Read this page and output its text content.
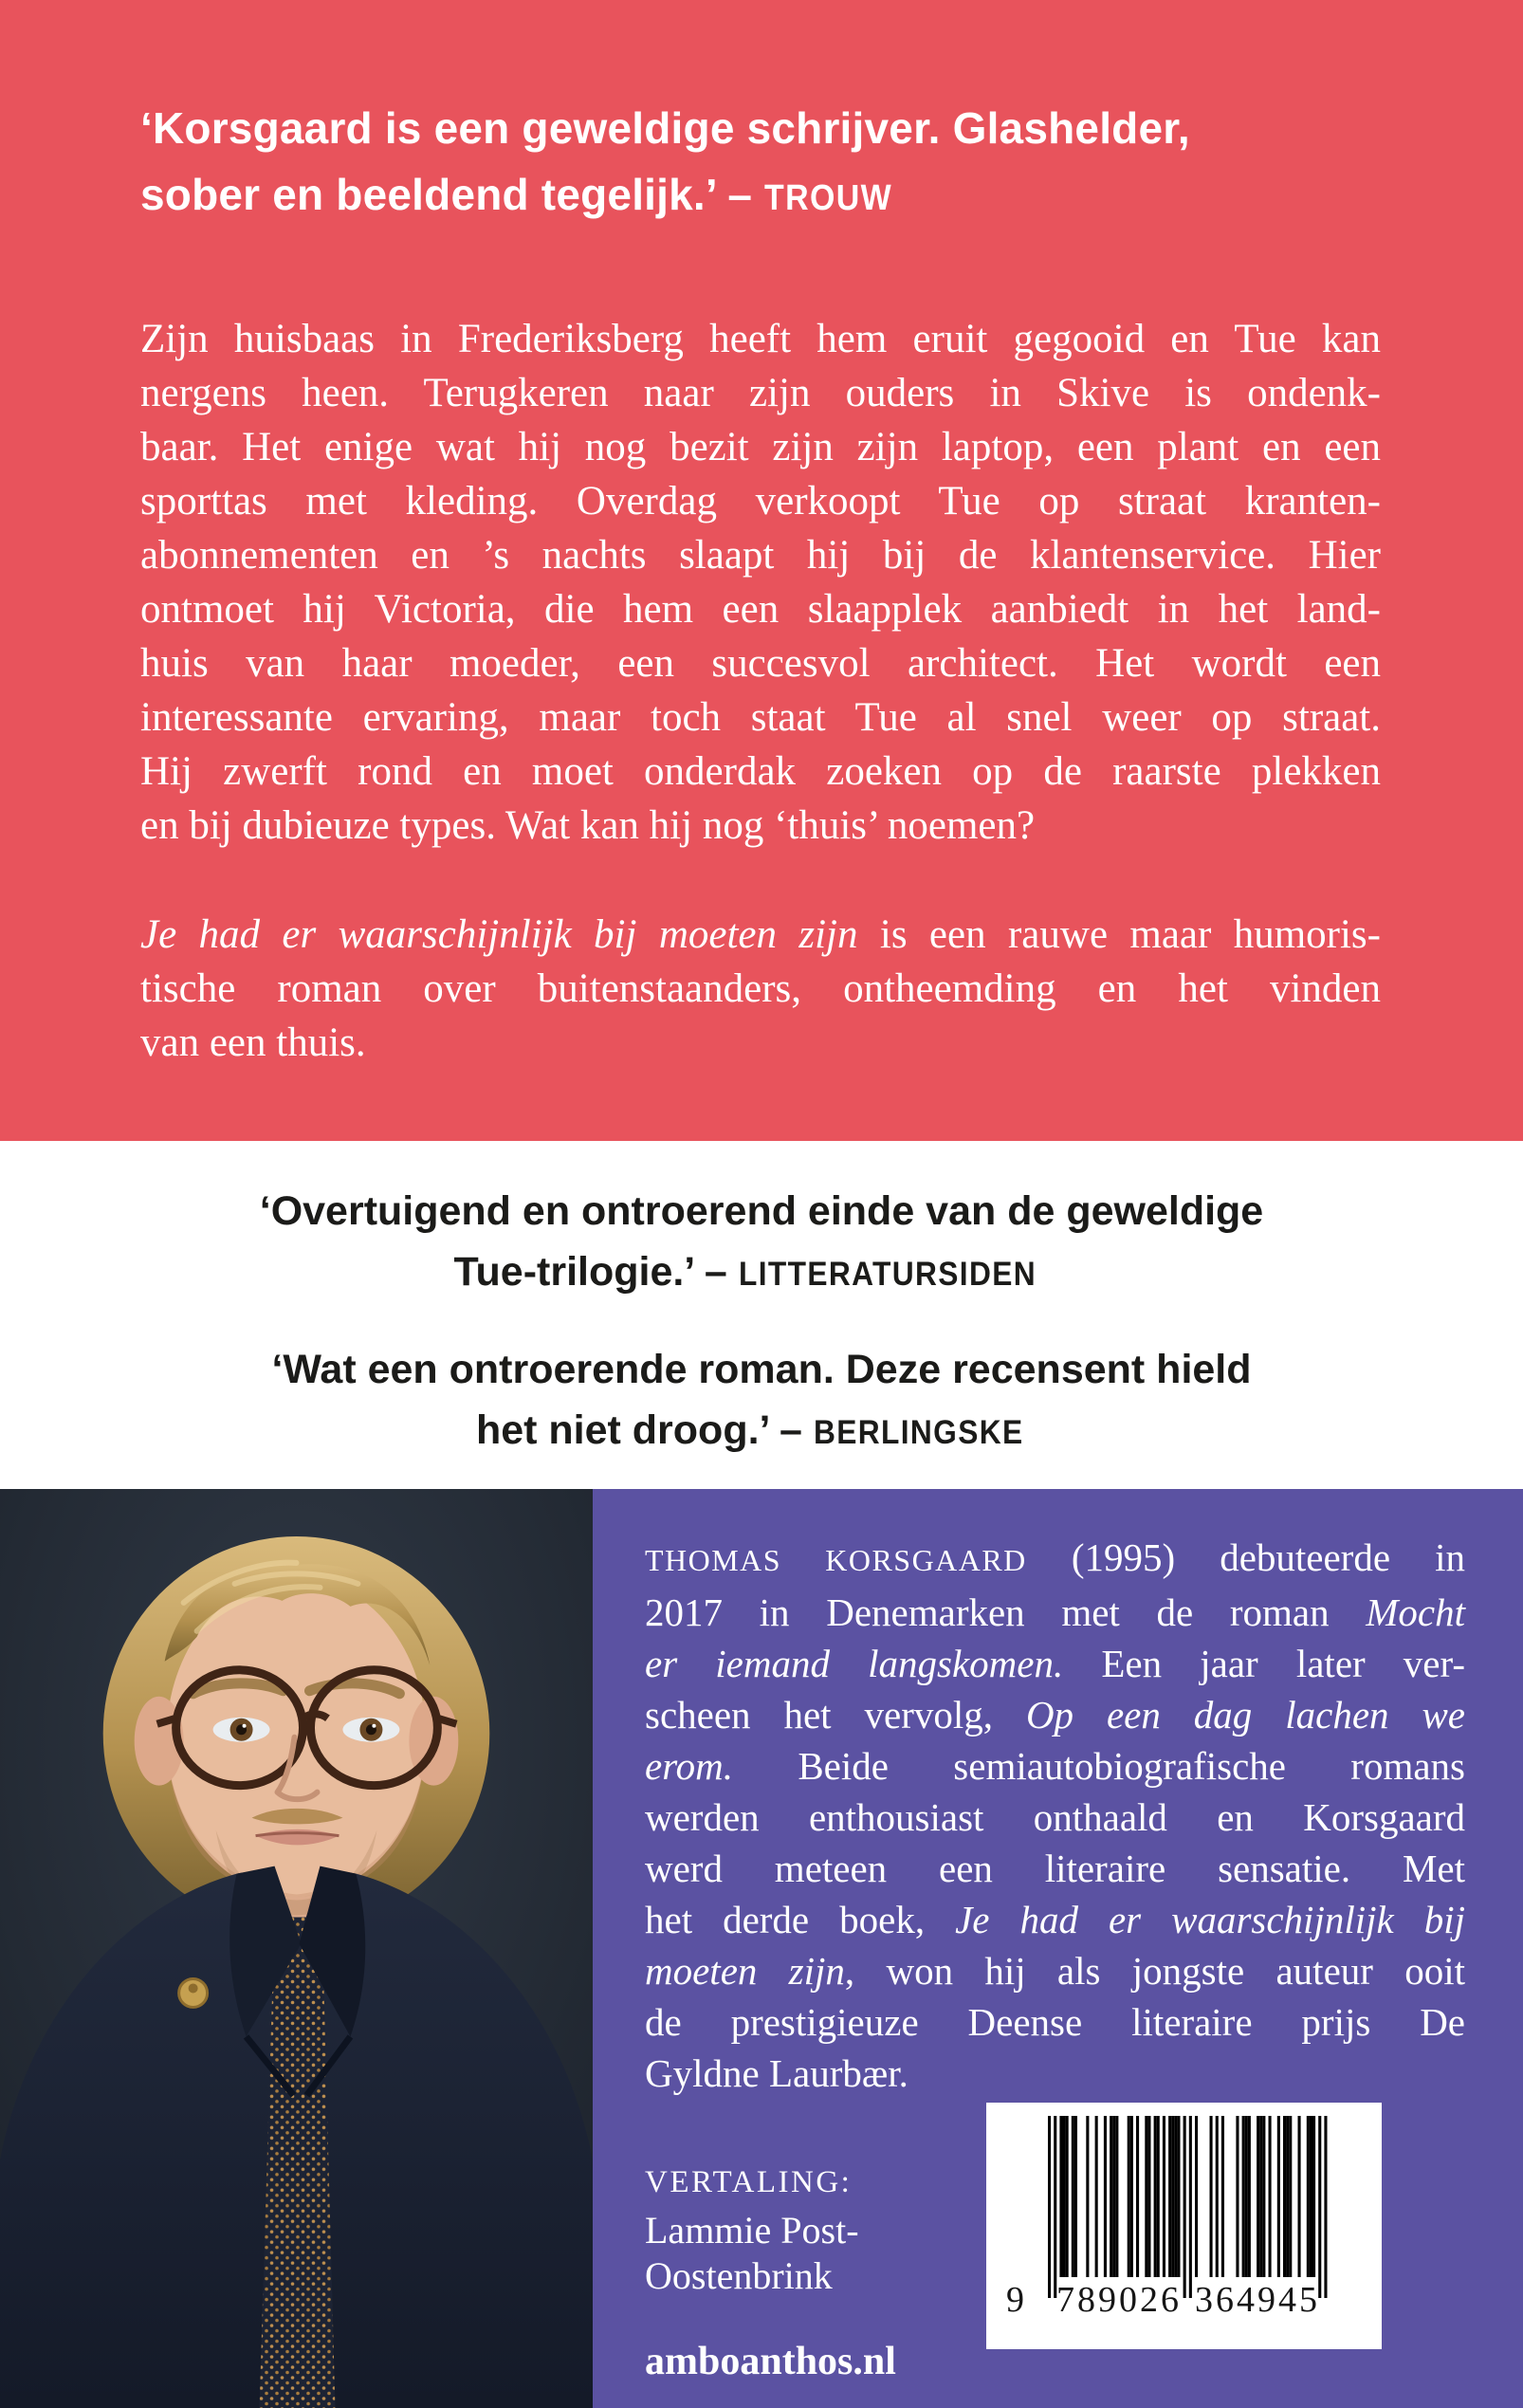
‘Korsgaard is een geweldige schrijver. Glashelder,
sober en beeldend tegelijk.’ – TROUW
Zijn huisbaas in Frederiksberg heeft hem eruit gegooid en Tue kan
nergens heen. Terugkeren naar zijn ouders in Skive is ondenk-
baar. Het enige wat hij nog bezit zijn zijn laptop, een plant en een
sporttas met kleding. Overdag verkoopt Tue op straat kranten-
abonnementen en ’s nachts slaapt hij bij de klantenservice. Hier
ontmoet hij Victoria, die hem een slaapplek aanbiedt in het land-
huis van haar moeder, een succesvol architect. Het wordt een
interessante ervaring, maar toch staat Tue al snel weer op straat.
Hij zwerft rond en moet onderdak zoeken op de raarste plekken
en bij dubieuze types. Wat kan hij nog ‘thuis’ noemen?
Je had er waarschijnlijk bij moeten zijn is een rauwe maar humoris-
tische roman over buitenstaanders, ontheemding en het vinden
van een thuis.
‘Overtuigend en ontroerend einde van de geweldige
Tue-trilogie.’ – LITTERATURSIDEN
‘Wat een ontroerende roman. Deze recensent hield
het niet droog.’ – BERLINGSKE
THOMAS KORSGAARD (1995) debuteerde in
2017 in Denemarken met de roman Mocht
er iemand langskomen. Een jaar later ver-
scheen het vervolg, Op een dag lachen we
erom. Beide semiautobiografische romans
werden enthousiast onthaald en Korsgaard
werd meteen een literaire sensatie. Met
het derde boek, Je had er waarschijnlijk bij
moeten zijn, won hij als jongste auteur ooit
de prestigieuze Deense literaire prijs De
Gyldne Laurbær.
VERTALING:
Lammie Post-
Oostenbrink
amboanthos.nl
9 789026 364945
